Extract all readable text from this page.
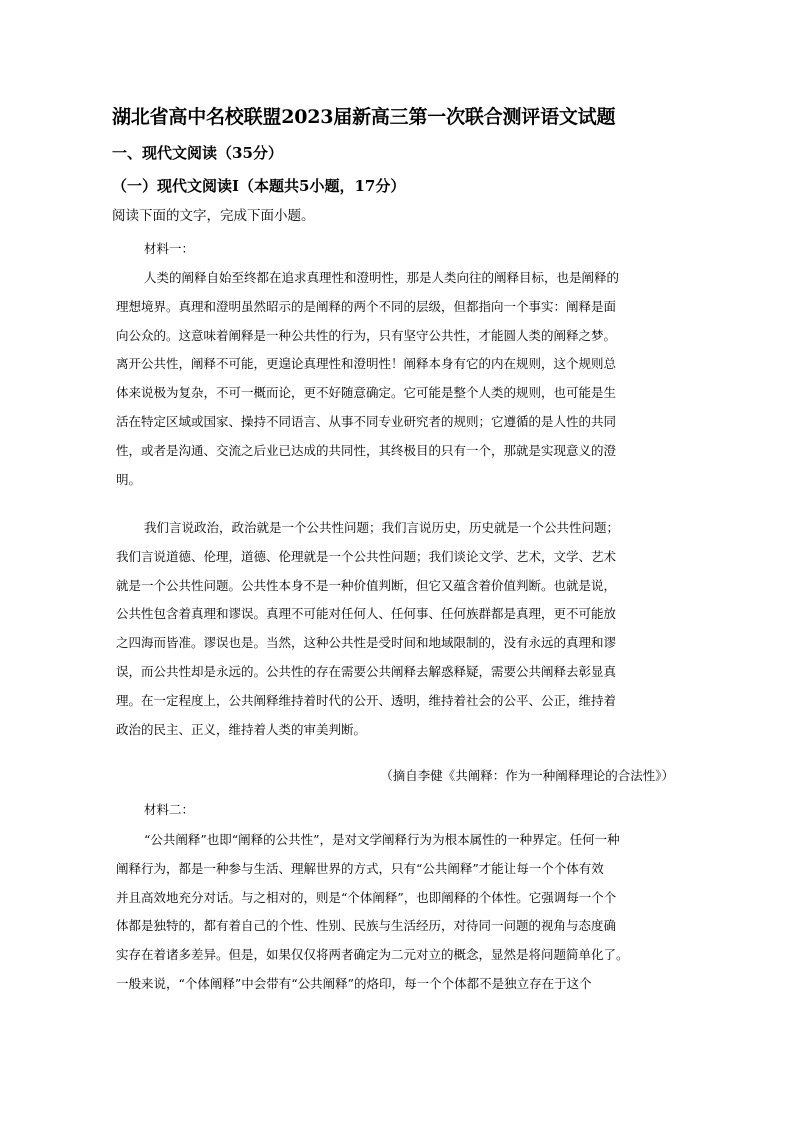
湖北省高中名校联盟2023届新高三第一次联合测评语文试题
一、现代文阅读（35分）
（一）现代文阅读Ⅰ（本题共5小题，17分）
阅读下面的文字，完成下面小题。
材料一：
人类的阐释自始至终都在追求真理性和澄明性，那是人类向往的阐释目标，也是阐释的
理想境界。真理和澄明虽然昭示的是阐释的两个不同的层级，但都指向一个事实：阐释是面
向公众的。这意味着阐释是一种公共性的行为，只有坚守公共性，才能圆人类的阐释之梦。
离开公共性，阐释不可能，更遑论真理性和澄明性！阐释本身有它的内在规则，这个规则总
体来说极为复杂，不可一概而论，更不好随意确定。它可能是整个人类的规则，也可能是生
活在特定区域或国家、操持不同语言、从事不同专业研究者的规则；它遵循的是人性的共同
性，或者是沟通、交流之后业已达成的共同性，其终极目的只有一个，那就是实现意义的澄
明。
我们言说政治，政治就是一个公共性问题；我们言说历史，历史就是一个公共性问题；
我们言说道德、伦理，道德、伦理就是一个公共性问题；我们谈论文学、艺术，文学、艺术
就是一个公共性问题。公共性本身不是一种价值判断，但它又蕴含着价值判断。也就是说，
公共性包含着真理和谬误。真理不可能对任何人、任何事、任何族群都是真理，更不可能放
之四海而皆准。谬误也是。当然，这种公共性是受时间和地域限制的，没有永远的真理和谬
误，而公共性却是永远的。公共性的存在需要公共阐释去解惑释疑，需要公共阐释去彰显真
理。在一定程度上，公共阐释维持着时代的公开、透明，维持着社会的公平、公正，维持着
政治的民主、正义，维持着人类的审美判断。
（摘自李健《共阐释：作为一种阐释理论的合法性》）
材料二：
“公共阐释”也即“阐释的公共性”，是对文学阐释行为为根本属性的一种界定。任何一种
阐释行为，都是一种参与生活、理解世界的方式，只有“公共阐释”才能让每一个个体有效
并且高效地充分对话。与之相对的，则是“个体阐释”，也即阐释的个体性。它强调每一个个
体都是独特的，都有着自己的个性、性别、民族与生活经历，对待同一问题的视角与态度确
实存在着诸多差异。但是，如果仅仅将两者确定为二元对立的概念，显然是将问题简单化了。
一般来说，“个体阐释”中会带有“公共阐释”的烙印，每一个个体都不是独立存在于这个
